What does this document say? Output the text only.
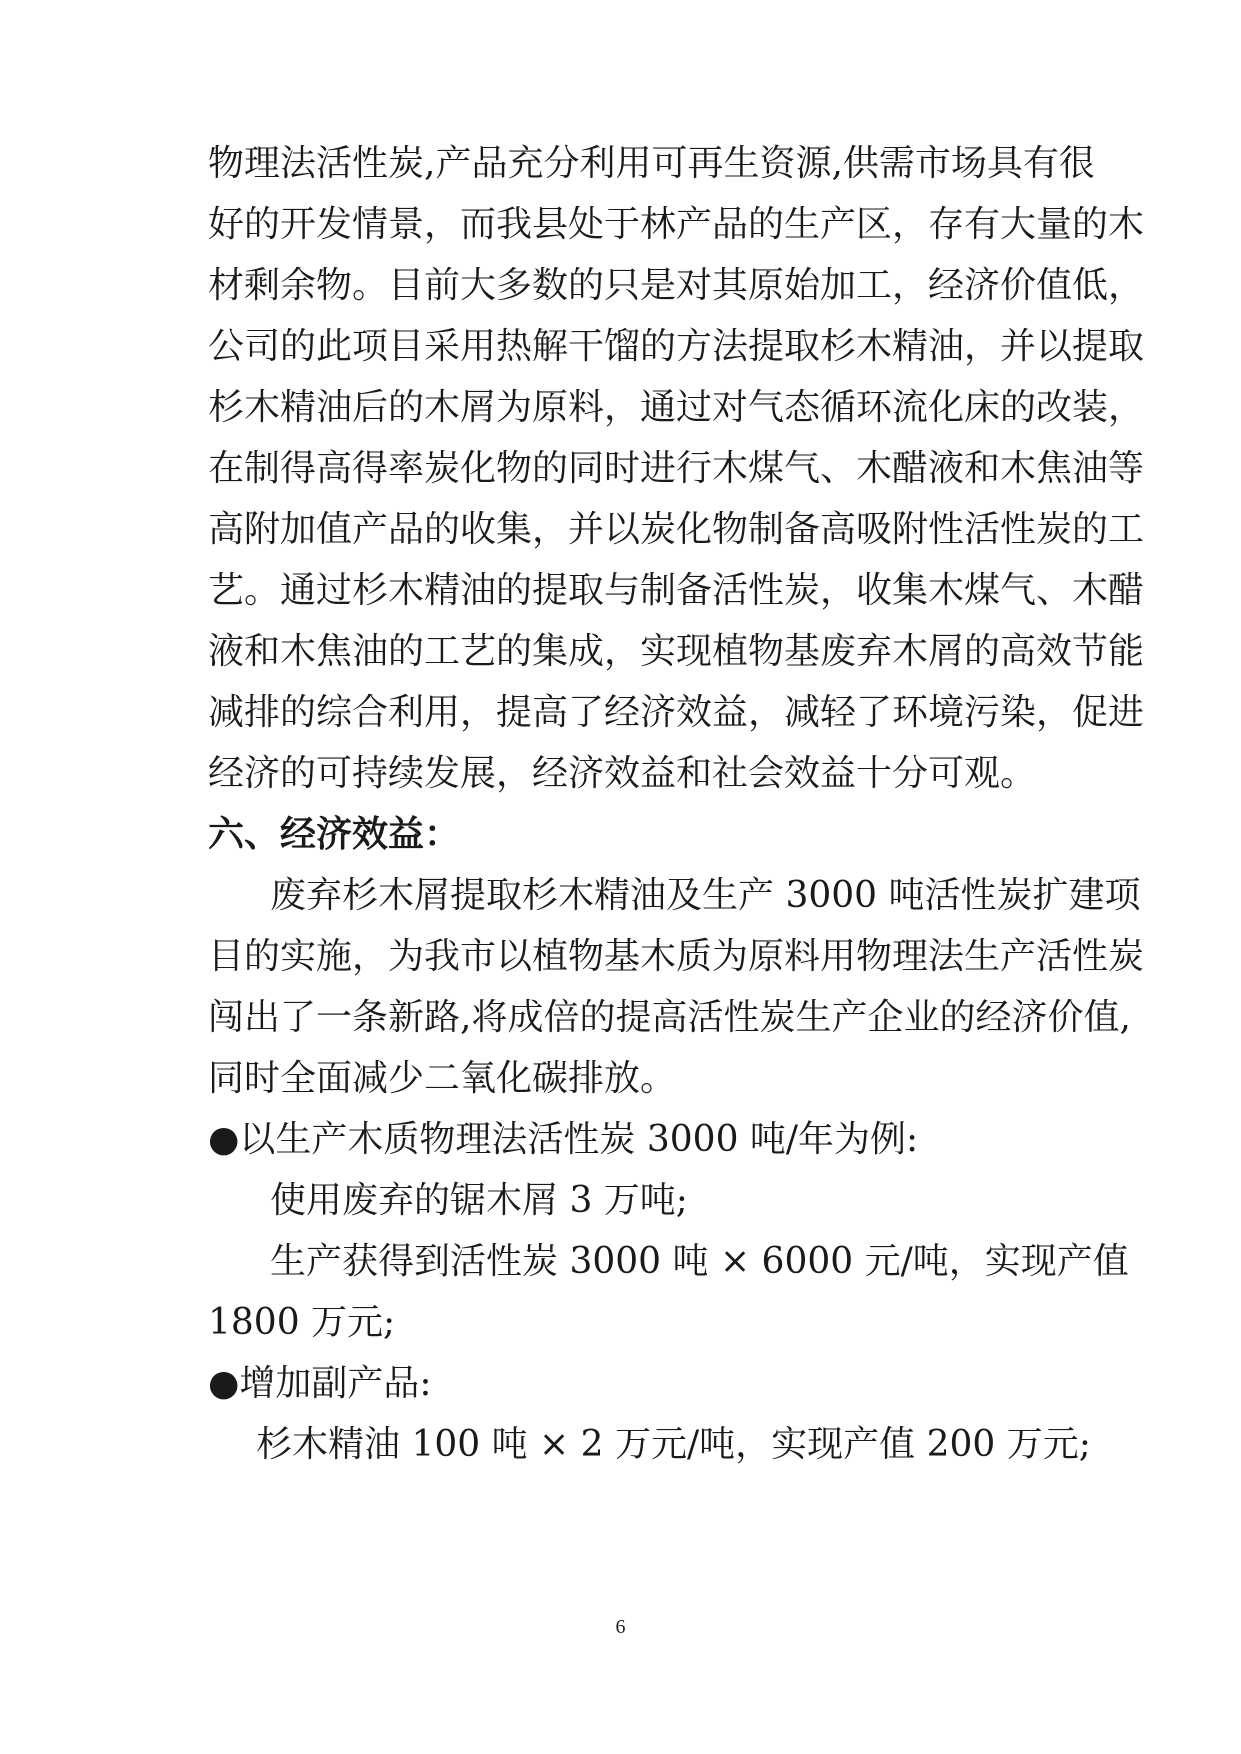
物理法活性炭,产品充分利用可再生资源,供需市场具有很
好的开发情景，而我县处于林产品的生产区，存有大量的木
材剩余物。目前大多数的只是对其原始加工，经济价值低，
公司的此项目采用热解干馏的方法提取杉木精油，并以提取
杉木精油后的木屑为原料，通过对气态循环流化床的改装，
在制得高得率炭化物的同时进行木煤气、木醋液和木焦油等
高附加值产品的收集，并以炭化物制备高吸附性活性炭的工
艺。通过杉木精油的提取与制备活性炭，收集木煤气、木醋
液和木焦油的工艺的集成，实现植物基废弃木屑的高效节能
减排的综合利用，提高了经济效益，减轻了环境污染，促进
经济的可持续发展，经济效益和社会效益十分可观。
六、经济效益：
废弃杉木屑提取杉木精油及生产 3000 吨活性炭扩建项
目的实施，为我市以植物基木质为原料用物理法生产活性炭
闯出了一条新路,将成倍的提高活性炭生产企业的经济价值,
同时全面减少二氧化碳排放。
●以生产木质物理法活性炭 3000 吨/年为例:
使用废弃的锯木屑 3 万吨;
生产获得到活性炭 3000 吨 × 6000 元/吨，实现产值
1800 万元;
●增加副产品:
杉木精油 100 吨 × 2 万元/吨，实现产值 200 万元;
6
